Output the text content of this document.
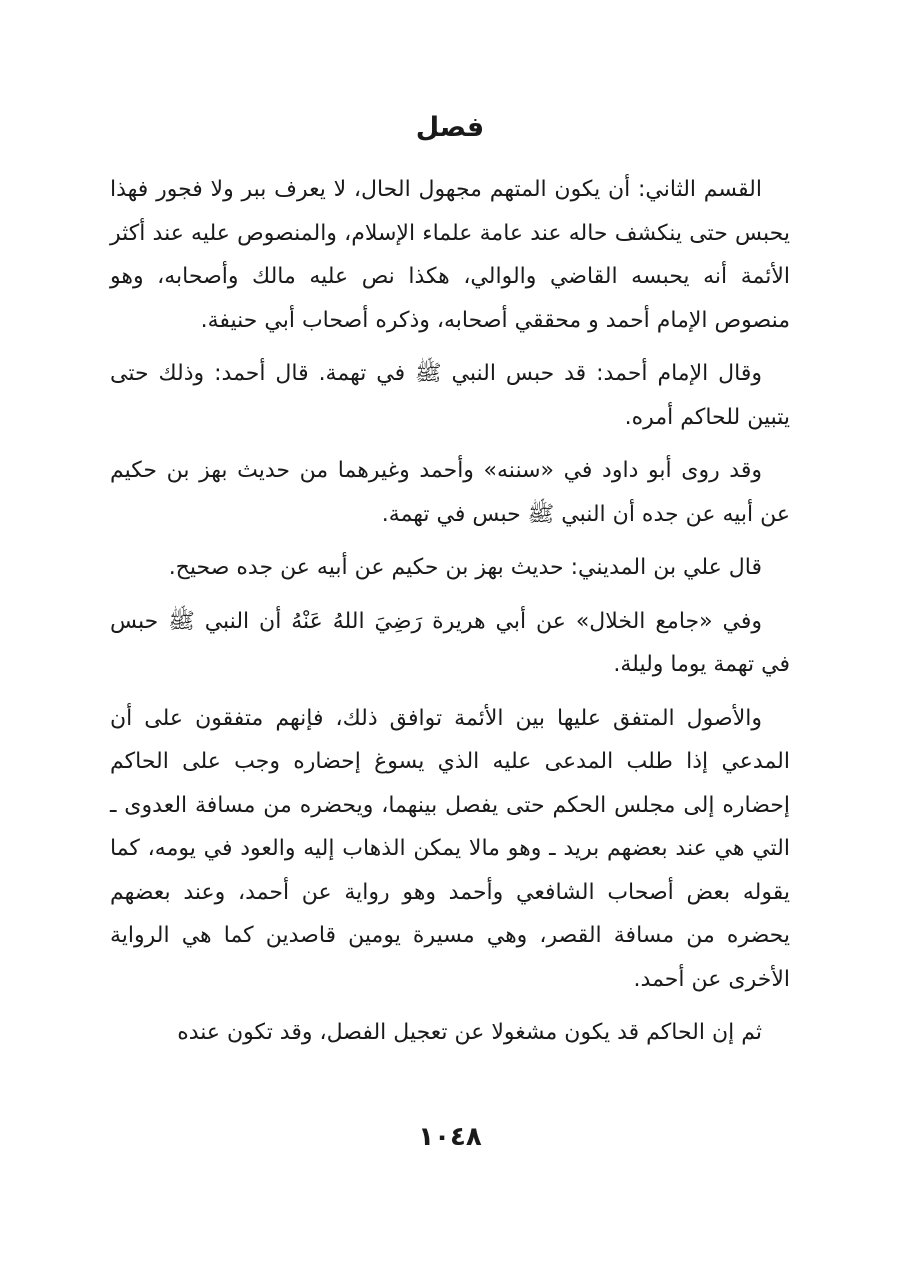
فصل

القسم الثاني: أن يكون المتهم مجهول الحال، لا يعرف ببر ولا فجور فهذا يحبس حتى ينكشف حاله عند عامة علماء الإسلام، والمنصوص عليه عند أكثر الأئمة أنه يحبسه القاضي والوالي، هكذا نص عليه مالك وأصحابه، وهو منصوص الإمام أحمد و محققي أصحابه، وذكره أصحاب أبي حنيفة.

وقال الإمام أحمد: قد حبس النبي ﷺ في تهمة. قال أحمد: وذلك حتى يتبين للحاكم أمره.

وقد روى أبو داود في «سننه» وأحمد وغيرهما من حديث بهز بن حكيم عن أبيه عن جده أن النبي ﷺ حبس في تهمة.

قال علي بن المديني: حديث بهز بن حكيم عن أبيه عن جده صحيح.

وفي «جامع الخلال» عن أبي هريرة رَضِيَ اللهُ عَنْهُ أن النبي ﷺ حبس في تهمة يوما وليلة.

والأصول المتفق عليها بين الأئمة توافق ذلك، فإنهم متفقون على أن المدعي إذا طلب المدعى عليه الذي يسوغ إحضاره وجب على الحاكم إحضاره إلى مجلس الحكم حتى يفصل بينهما، ويحضره من مسافة العدوى ـ التي هي عند بعضهم بريد ـ وهو مالا يمكن الذهاب إليه والعود في يومه، كما يقوله بعض أصحاب الشافعي وأحمد وهو رواية عن أحمد، وعند بعضهم يحضره من مسافة القصر، وهي مسيرة يومين قاصدين كما هي الرواية الأخرى عن أحمد.

ثم إن الحاكم قد يكون مشغولا عن تعجيل الفصل، وقد تكون عنده

١٠٤٨
